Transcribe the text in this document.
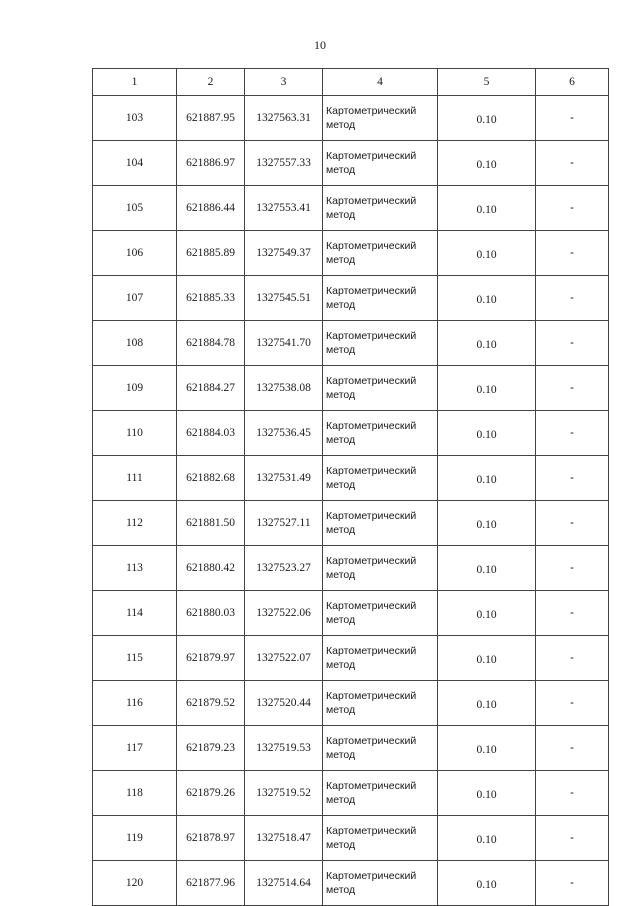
10
1	2	3	4	5	6
103	621887.95	1327563.31	Картометрический метод	0.10	-
104	621886.97	1327557.33	Картометрический метод	0.10	-
105	621886.44	1327553.41	Картометрический метод	0.10	-
106	621885.89	1327549.37	Картометрический метод	0.10	-
107	621885.33	1327545.51	Картометрический метод	0.10	-
108	621884.78	1327541.70	Картометрический метод	0.10	-
109	621884.27	1327538.08	Картометрический метод	0.10	-
110	621884.03	1327536.45	Картометрический метод	0.10	-
111	621882.68	1327531.49	Картометрический метод	0.10	-
112	621881.50	1327527.11	Картометрический метод	0.10	-
113	621880.42	1327523.27	Картометрический метод	0.10	-
114	621880.03	1327522.06	Картометрический метод	0.10	-
115	621879.97	1327522.07	Картометрический метод	0.10	-
116	621879.52	1327520.44	Картометрический метод	0.10	-
117	621879.23	1327519.53	Картометрический метод	0.10	-
118	621879.26	1327519.52	Картометрический метод	0.10	-
119	621878.97	1327518.47	Картометрический метод	0.10	-
120	621877.96	1327514.64	Картометрический метод	0.10	-
